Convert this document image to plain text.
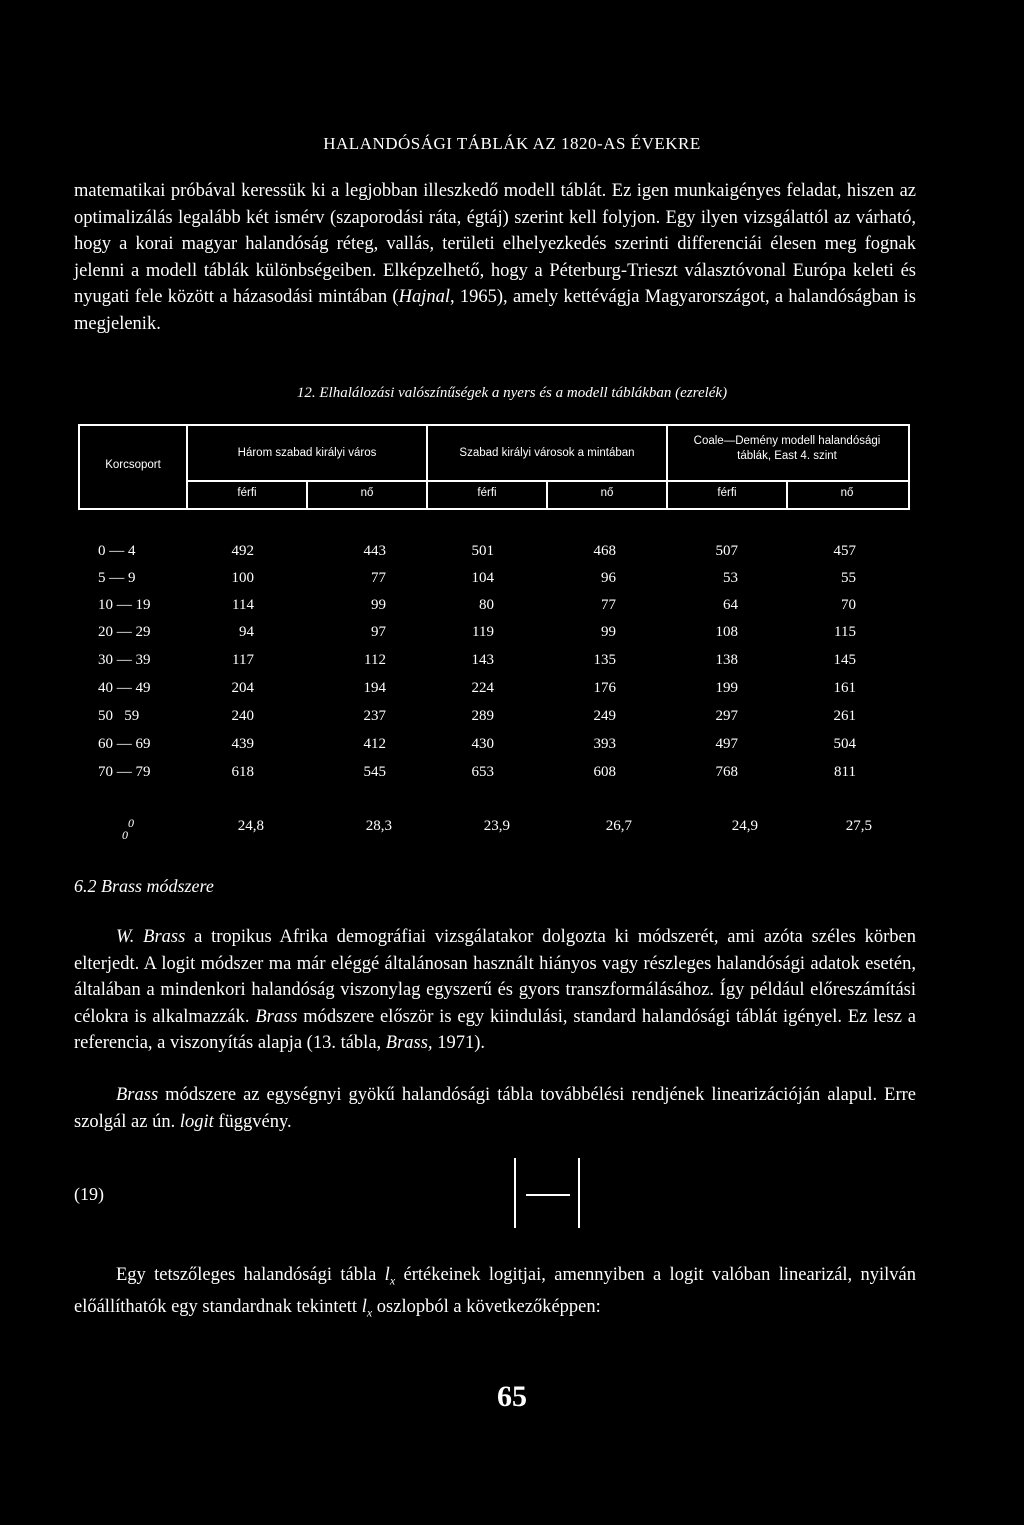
HALANDÓSÁGI TÁBLÁK AZ 1820-AS ÉVEKRE

matematikai próbával keressük ki a legjobban illeszkedő modell táblát. Ez igen munkaigényes feladat, hiszen az optimalizálás legalább két ismérv (szaporodási ráta, égtáj) szerint kell folyjon. Egy ilyen vizsgálattól az várható, hogy a korai magyar halandóság réteg, vallás, területi elhelyezkedés szerinti differenciái élesen meg fognak jelenni a modell táblák különbségeiben. Elképzelhető, hogy a Péterburg-Trieszt választóvonal Európa keleti és nyugati fele között a házasodási mintában (Hajnal, 1965), amely kettévágja Magyarországot, a halandóságban is megjelenik.

12. Elhalálozási valószínűségek a nyers és a modell táblákban (ezrelék)
Korcsoport
Három szabad királyi város	Szabad királyi városok a mintában
Coale—Demény modell halandósági táblák, East 4. szint
férfi	nő	férfi	nő	férfi	nő
0 — 4	492	443	501	468	507	457
5 — 9	100	77	104	96	53	55
10 — 19	114	99	80	77	64	70
20 — 29	94	97	119	99	108	115
30 — 39	117	112	143	135	138	145
40 — 49	204	194	224	176	199	161
50   59	240	237	289	249	297	261
60 — 69	439	412	430	393	497	504
70 — 79	618	545	653	608	768	811
0
0
24,8	28,3	23,9	26,7	24,9	27,5
6.2 Brass módszere

W. Brass a tropikus Afrika demográfiai vizsgálatakor dolgozta ki módszerét, ami azóta széles körben elterjedt. A logit módszer ma már eléggé általánosan használt hiányos vagy részleges halandósági adatok esetén, általában a mindenkori halandóság viszonylag egyszerű és gyors transzformálásához. Így például előreszámítási célokra is alkalmazzák. Brass módszere először is egy kiindulási, standard halandósági táblát igényel. Ez lesz a referencia, a viszonyítás alapja (13. tábla, Brass, 1971).

Brass módszere az egységnyi gyökű halandósági tábla továbbélési rendjének linearizációján alapul. Erre szolgál az ún. logit függvény.

(19)

Egy tetszőleges halandósági tábla $l_x$ értékeinek logitjai, amennyiben a logit valóban linearizál, nyilván előállíthatók egy standardnak tekintett $l_x$ oszlopból a következőképpen:

65
